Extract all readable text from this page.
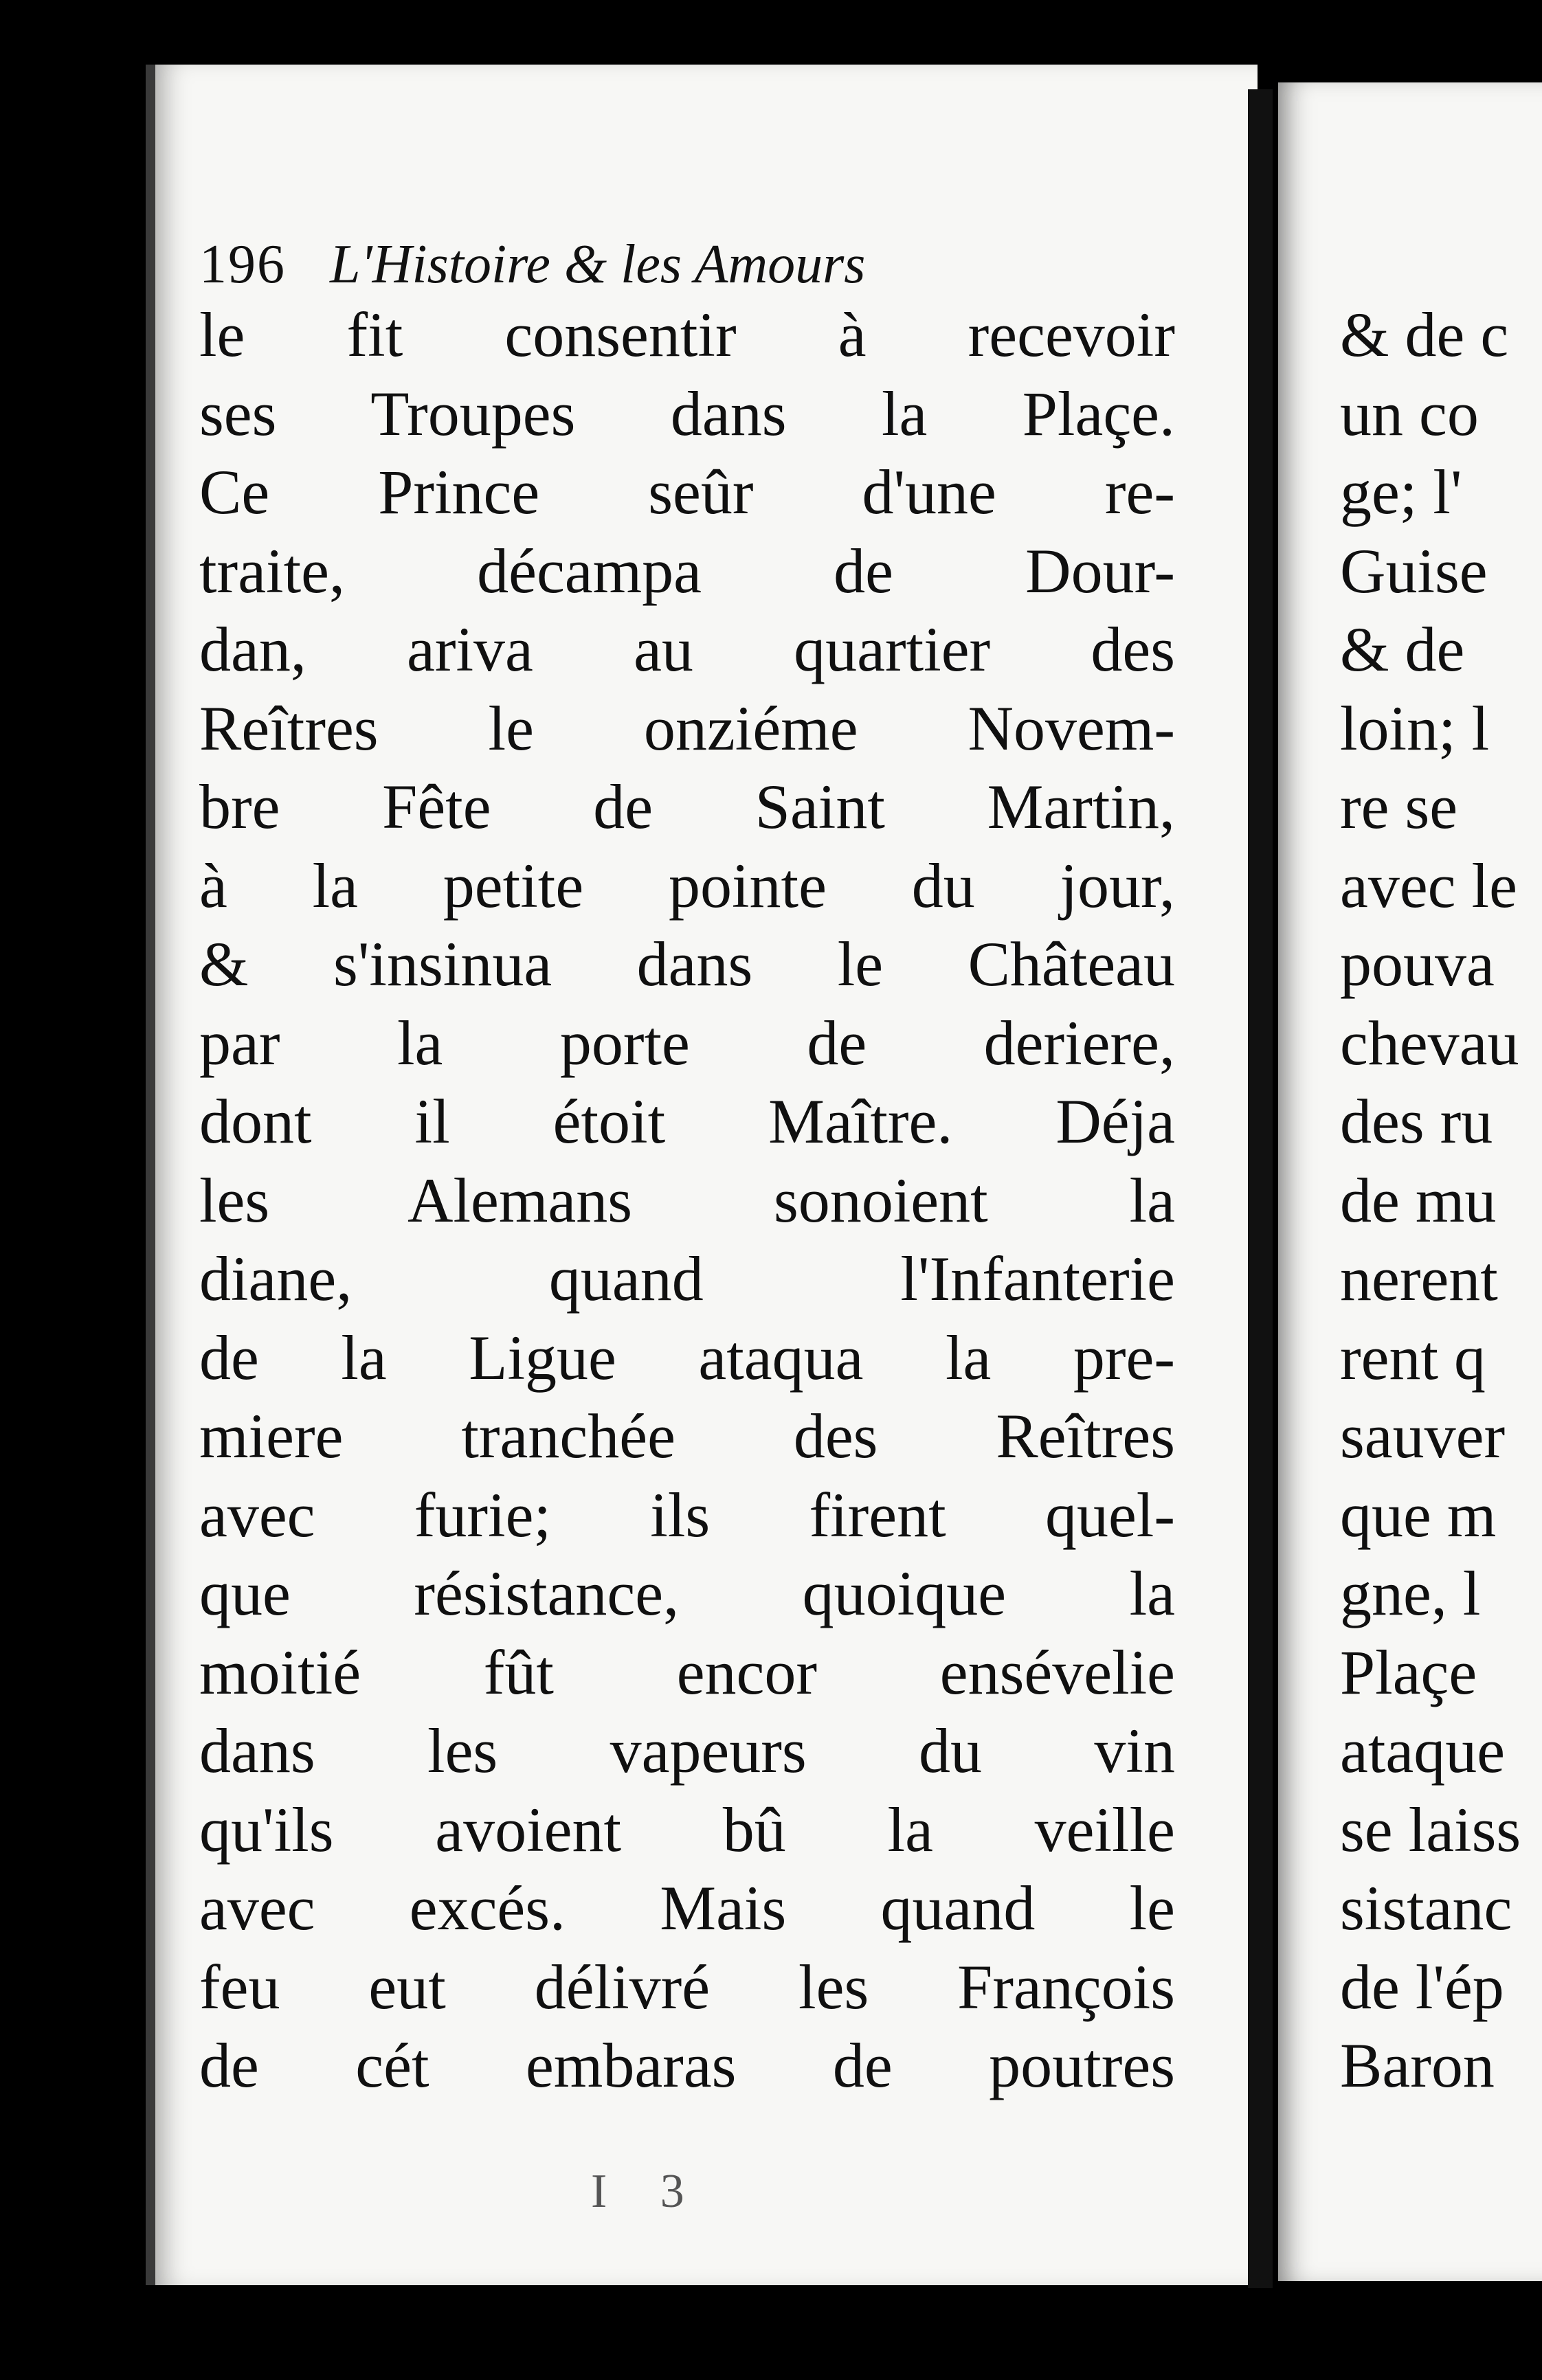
196 L'Histoire & les Amours
le fit consentir à recevoir
ses Troupes dans la Plaçe.
Ce Prince seûr d'une re-
traite, décampa de Dour-
dan, ariva au quartier des
Reîtres le onziéme Novem-
bre Fête de Saint Martin,
à la petite pointe du jour,
& s'insinua dans le Château
par la porte de deriere,
dont il étoit Maître. Déja
les Alemans sonoient la
diane, quand l'Infanterie
de la Ligue ataqua la pre-
miere tranchée des Reîtres
avec furie; ils firent quel-
que résistance, quoique la
moitié fût encor ensévelie
dans les vapeurs du vin
qu'ils avoient bû la veille
avec excés. Mais quand le
feu eut délivré les François
de cét embaras de poutres
I 3
& de c
un co
ge; l'
Guise
& de
loin; l
re se
avec le
pouva
chevau
des ru
de mu
nerent
rent q
sauver
que m
gne, l
Plaçe
ataque
se laiss
sistanc
de l'ép
Baron
